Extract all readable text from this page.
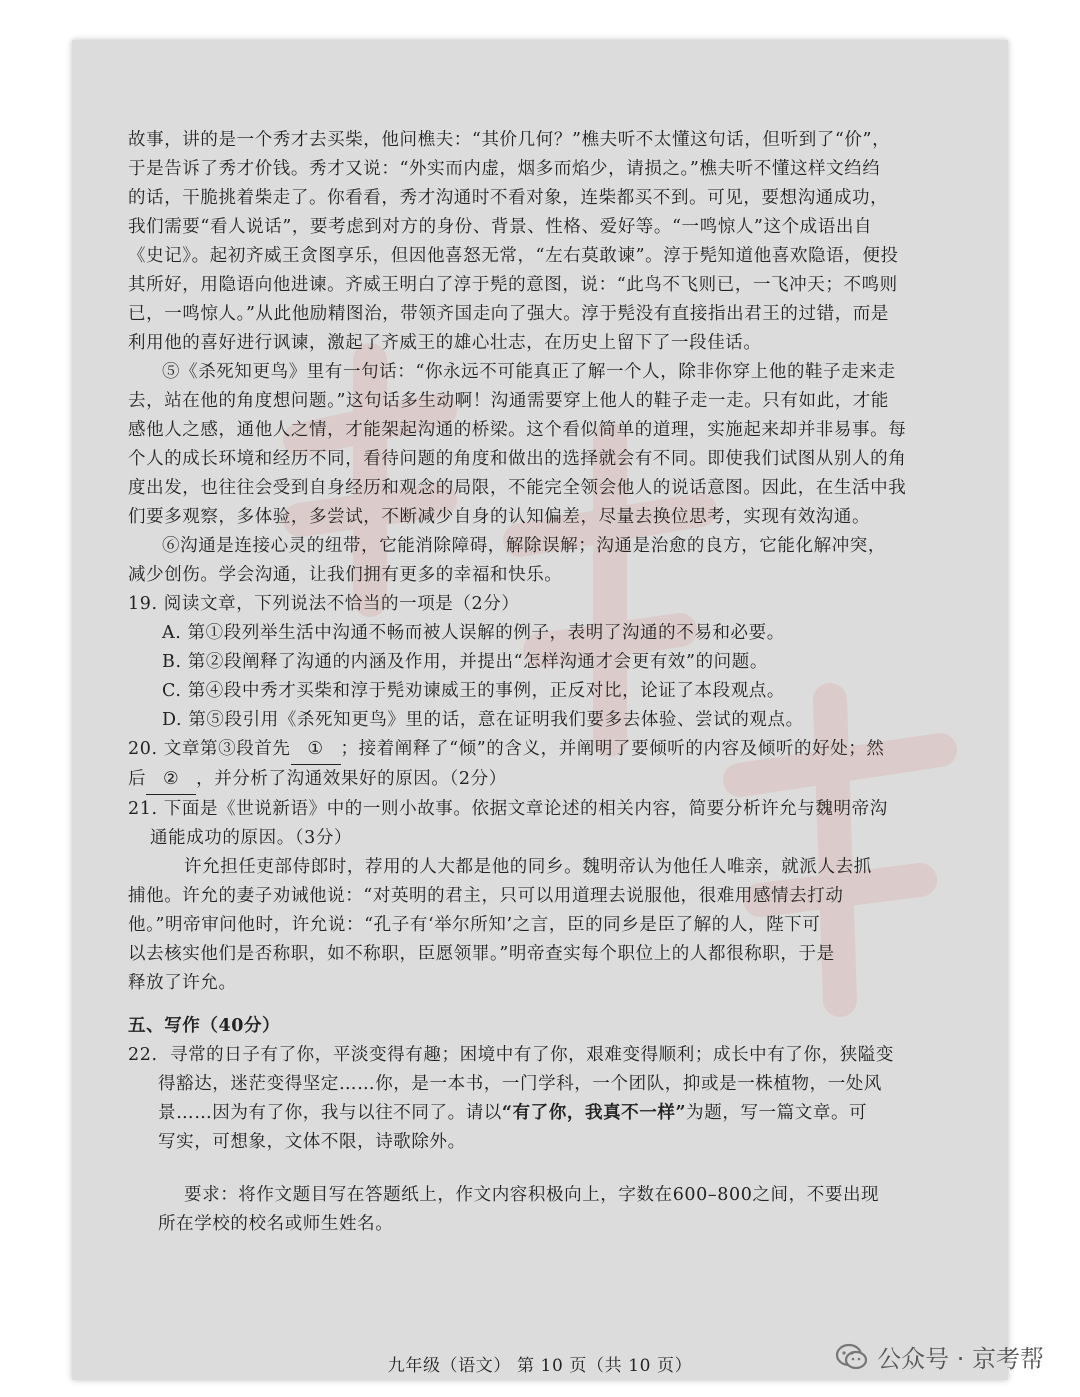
故事，讲的是一个秀才去买柴，他问樵夫：“其价几何？”樵夫听不太懂这句话，但听到了“价”，
于是告诉了秀才价钱。秀才又说：“外实而内虚，烟多而焰少，请损之。”樵夫听不懂这样文绉绉
的话，干脆挑着柴走了。你看看，秀才沟通时不看对象，连柴都买不到。可见，要想沟通成功，
我们需要“看人说话”，要考虑到对方的身份、背景、性格、爱好等。“一鸣惊人”这个成语出自
《史记》。起初齐威王贪图享乐，但因他喜怒无常，“左右莫敢谏”。淳于髡知道他喜欢隐语，便投
其所好，用隐语向他进谏。齐威王明白了淳于髡的意图，说：“此鸟不飞则已，一飞冲天；不鸣则
已，一鸣惊人。”从此他励精图治，带领齐国走向了强大。淳于髡没有直接指出君王的过错，而是
利用他的喜好进行讽谏，激起了齐威王的雄心壮志，在历史上留下了一段佳话。
⑤《杀死知更鸟》里有一句话：“你永远不可能真正了解一个人，除非你穿上他的鞋子走来走
去，站在他的角度想问题。”这句话多生动啊！沟通需要穿上他人的鞋子走一走。只有如此，才能
感他人之感，通他人之情，才能架起沟通的桥梁。这个看似简单的道理，实施起来却并非易事。每
个人的成长环境和经历不同，看待问题的角度和做出的选择就会有不同。即使我们试图从别人的角
度出发，也往往会受到自身经历和观念的局限，不能完全领会他人的说话意图。因此，在生活中我
们要多观察，多体验，多尝试，不断减少自身的认知偏差，尽量去换位思考，实现有效沟通。
⑥沟通是连接心灵的纽带，它能消除障碍，解除误解；沟通是治愈的良方，它能化解冲突，
减少创伤。学会沟通，让我们拥有更多的幸福和快乐。
19. 阅读文章，下列说法不恰当的一项是（2分）
A. 第①段列举生活中沟通不畅而被人误解的例子，表明了沟通的不易和必要。
B. 第②段阐释了沟通的内涵及作用，并提出“怎样沟通才会更有效”的问题。
C. 第④段中秀才买柴和淳于髡劝谏威王的事例，正反对比，论证了本段观点。
D. 第⑤段引用《杀死知更鸟》里的话，意在证明我们要多去体验、尝试的观点。
20. 文章第③段首先 ① ；接着阐释了“倾”的含义，并阐明了要倾听的内容及倾听的好处；然
后 ② ，并分析了沟通效果好的原因。（2分）
21. 下面是《世说新语》中的一则小故事。依据文章论述的相关内容，简要分析许允与魏明帝沟
通能成功的原因。（3分）
许允担任吏部侍郎时，荐用的人大都是他的同乡。魏明帝认为他任人唯亲，就派人去抓
捕他。许允的妻子劝诫他说：“对英明的君主，只可以用道理去说服他，很难用感情去打动
他。”明帝审问他时，许允说：“孔子有‘举尔所知’之言，臣的同乡是臣了解的人，陛下可
以去核实他们是否称职，如不称职，臣愿领罪。”明帝查实每个职位上的人都很称职，于是
释放了许允。
五、写作（40分）
22. 寻常的日子有了你，平淡变得有趣；困境中有了你，艰难变得顺利；成长中有了你，狭隘变
得豁达，迷茫变得坚定……你，是一本书，一门学科，一个团队，抑或是一株植物，一处风
景……因为有了你，我与以往不同了。请以“有了你，我真不一样”为题，写一篇文章。可
写实，可想象，文体不限，诗歌除外。
要求：将作文题目写在答题纸上，作文内容积极向上，字数在600–800之间，不要出现
所在学校的校名或师生姓名。
九年级（语文） 第 10 页（共 10 页）	公众号 · 京考帮
